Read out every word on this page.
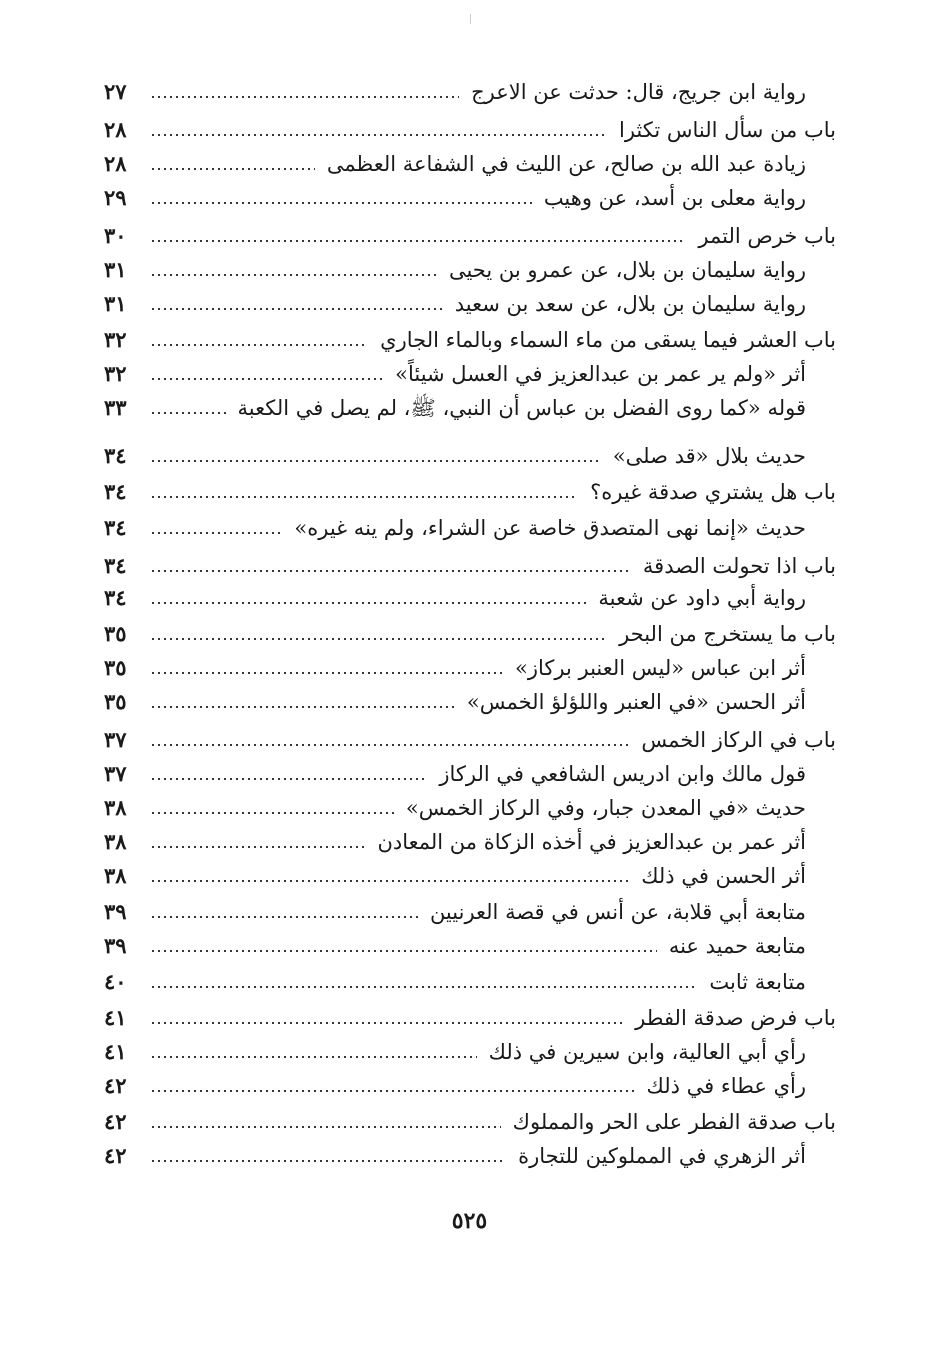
رواية ابن جريج، قال: حدثت عن الاعرج
٢٧
باب من سأل الناس تكثرا
٢٨
زيادة عبد الله بن صالح، عن الليث في الشفاعة العظمى
٢٨
رواية معلى بن أسد، عن وهيب
٢٩
باب خرص التمر
٣٠
رواية سليمان بن بلال، عن عمرو بن يحيى
٣١
رواية سليمان بن بلال، عن سعد بن سعيد
٣١
باب العشر فيما يسقى من ماء السماء وبالماء الجاري
٣٢
أثر «ولم ير عمر بن عبدالعزيز في العسل شيئاً»
٣٢
قوله «كما روى الفضل بن عباس أن النبي، ﷺ، لم يصل في الكعبة
٣٣
حديث بلال «قد صلى»
٣٤
باب هل يشتري صدقة غيره؟
٣٤
حديث «إنما نهى المتصدق خاصة عن الشراء، ولم ينه غيره»
٣٤
باب اذا تحولت الصدقة
٣٤
رواية أبي داود عن شعبة
٣٤
باب ما يستخرج من البحر
٣٥
أثر ابن عباس «ليس العنبر بركاز»
٣٥
أثر الحسن «في العنبر واللؤلؤ الخمس»
٣٥
باب في الركاز الخمس
٣٧
قول مالك وابن ادريس الشافعي في الركاز
٣٧
حديث «في المعدن جبار، وفي الركاز الخمس»
٣٨
أثر عمر بن عبدالعزيز في أخذه الزكاة من المعادن
٣٨
أثر الحسن في ذلك
٣٨
متابعة أبي قلابة، عن أنس في قصة العرنيين
٣٩
متابعة حميد عنه
٣٩
متابعة ثابت
٤٠
باب فرض صدقة الفطر
٤١
رأي أبي العالية، وابن سيرين في ذلك
٤١
رأي عطاء في ذلك
٤٢
باب صدقة الفطر على الحر والمملوك
٤٢
أثر الزهري في المملوكين للتجارة
٤٢
٥٢٥
